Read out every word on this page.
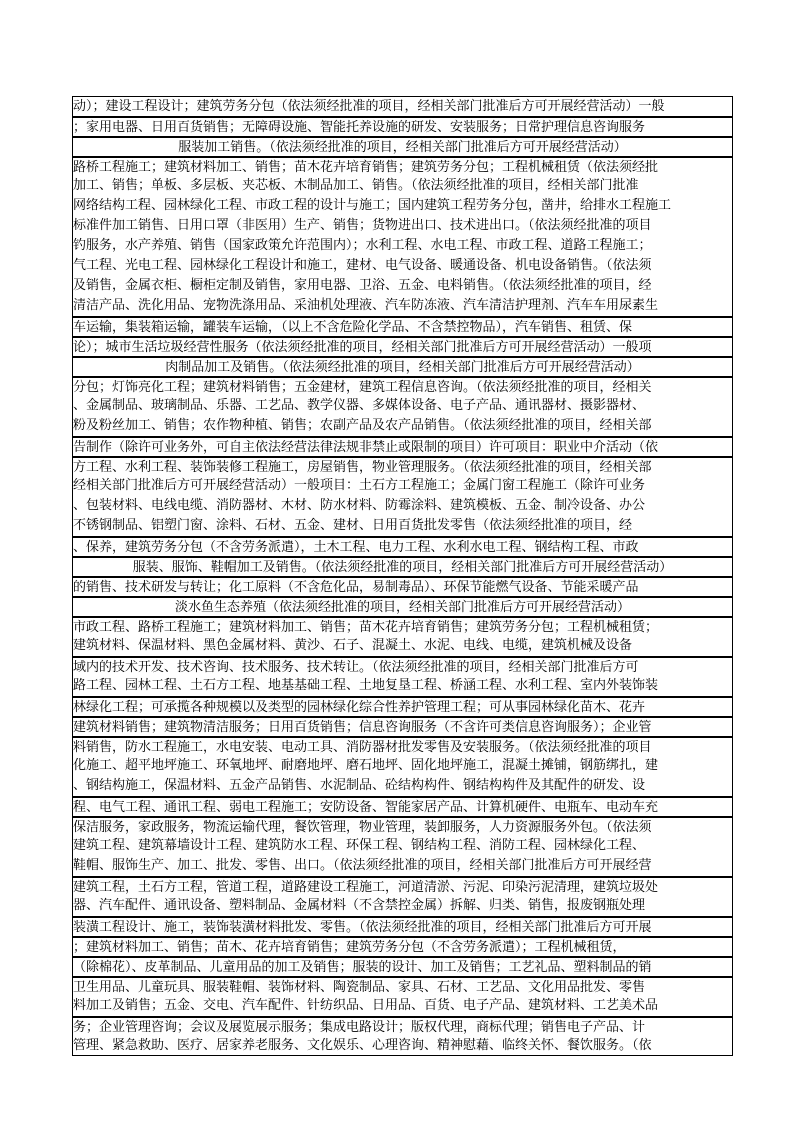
动）；建设工程设计；建筑劳务分包（依法须经批准的项目，经相关部门批准后方可开展经营活动）一般
；家用电器、日用百货销售；无障碍设施、智能托养设施的研发、安装服务；日常护理信息咨询服务
服装加工销售。（依法须经批准的项目，经相关部门批准后方可开展经营活动）
路桥工程施工；建筑材料加工、销售；苗木花卉培育销售；建筑劳务分包；工程机械租赁（依法须经批
加工、销售；单板、多层板、夹芯板、木制品加工、销售。（依法须经批准的项目，经相关部门批准
网络结构工程、园林绿化工程、市政工程的设计与施工；国内建筑工程劳务分包，凿井，给排水工程施工
标准件加工销售、日用口罩（非医用）生产、销售；货物进出口、技术进出口。（依法须经批准的项目
钓服务，水产养殖、销售（国家政策允许范围内）；水利工程、水电工程、市政工程、道路工程施工；
气工程、光电工程、园林绿化工程设计和施工，建材、电气设备、暖通设备、机电设备销售。（依法须
及销售，金属衣柜、橱柜定制及销售，家用电器、卫浴、五金、电料销售。（依法须经批准的项目，经
清洁产品、洗化用品、宠物洗涤用品、采油机处理液、汽车防冻液、汽车清洁护理剂、汽车车用尿素生
车运输，集装箱运输，罐装车运输，（以上不含危险化学品、不含禁控物品），汽车销售、租赁、保
论）；城市生活垃圾经营性服务（依法须经批准的项目，经相关部门批准后方可开展经营活动）一般项
肉制品加工及销售。（依法须经批准的项目，经相关部门批准后方可开展经营活动）
分包；灯饰亮化工程；建筑材料销售；五金建材，建筑工程信息咨询。（依法须经批准的项目，经相关
、金属制品、玻璃制品、乐器、工艺品、教学仪器、多媒体设备、电子产品、通讯器材、摄影器材、
粉及粉丝加工、销售；农作物种植、销售；农副产品及农产品销售。（依法须经批准的项目，经相关部
告制作（除许可业务外，可自主依法经营法律法规非禁止或限制的项目）许可项目：职业中介活动（依
方工程、水利工程、装饰装修工程施工，房屋销售，物业管理服务。（依法须经批准的项目，经相关部
经相关部门批准后方可开展经营活动）一般项目：土石方工程施工；金属门窗工程施工（除许可业务
、包装材料、电线电缆、消防器材、木材、防水材料、防霉涂料、建筑模板、五金、制冷设备、办公
不锈钢制品、铝塑门窗、涂料、石材、五金、建材、日用百货批发零售（依法须经批准的项目，经
、保养，建筑劳务分包（不含劳务派遣），土木工程、电力工程、水利水电工程、钢结构工程、市政
服装、服饰、鞋帽加工及销售。（依法须经批准的项目，经相关部门批准后方可开展经营活动）
的销售、技术研发与转让；化工原料（不含危化品，易制毒品）、环保节能燃气设备、节能采暖产品
淡水鱼生态养殖（依法须经批准的项目，经相关部门批准后方可开展经营活动）
市政工程、路桥工程施工；建筑材料加工、销售；苗木花卉培育销售；建筑劳务分包；工程机械租赁；
建筑材料、保温材料、黑色金属材料、黄沙、石子、混凝土、水泥、电线、电缆，建筑机械及设备
域内的技术开发、技术咨询、技术服务、技术转让。（依法须经批准的项目，经相关部门批准后方可
路工程、园林工程、土石方工程、地基基础工程、土地复垦工程、桥涵工程、水利工程、室内外装饰装
林绿化工程；可承揽各种规模以及类型的园林绿化综合性养护管理工程；可从事园林绿化苗木、花卉
建筑材料销售；建筑物清洁服务；日用百货销售；信息咨询服务（不含许可类信息咨询服务）；企业管
料销售，防水工程施工，水电安装、电动工具、消防器材批发零售及安装服务。（依法须经批准的项目
化施工、超平地坪施工、环氧地坪、耐磨地坪、磨石地坪、固化地坪施工，混凝土摊铺，钢筋绑扎，建
、钢结构施工，保温材料、五金产品销售、水泥制品、砼结构构件、钢结构构件及其配件的研发、设
程、电气工程、通讯工程、弱电工程施工；安防设备、智能家居产品、计算机硬件、电瓶车、电动车充
保洁服务，家政服务，物流运输代理，餐饮管理，物业管理，装卸服务，人力资源服务外包。（依法须
建筑工程、建筑幕墙设计工程、建筑防水工程、环保工程、钢结构工程、消防工程、园林绿化工程、
鞋帽、服饰生产、加工、批发、零售、出口。（依法须经批准的项目，经相关部门批准后方可开展经营
建筑工程，土石方工程，管道工程，道路建设工程施工，河道清淤、污泥、印染污泥清理，建筑垃圾处
器、汽车配件、通讯设备、塑料制品、金属材料（不含禁控金属）拆解、归类、销售，报废钢瓶处理
装潢工程设计、施工，装饰装潢材料批发、零售。（依法须经批准的项目，经相关部门批准后方可开展
；建筑材料加工、销售；苗木、花卉培育销售；建筑劳务分包（不含劳务派遣）；工程机械租赁，
（除棉花）、皮革制品、儿童用品的加工及销售；服装的设计、加工及销售；工艺礼品、塑料制品的销
卫生用品、儿童玩具、服装鞋帽、装饰材料、陶瓷制品、家具、石材、工艺品、文化用品批发、零售
料加工及销售；五金、交电、汽车配件、针纺织品、日用品、百货、电子产品、建筑材料、工艺美术品
务；企业管理咨询；会议及展览展示服务；集成电路设计；版权代理，商标代理；销售电子产品、计
管理、紧急救助、医疗、居家养老服务、文化娱乐、心理咨询、精神慰藉、临终关怀、餐饮服务。（依
